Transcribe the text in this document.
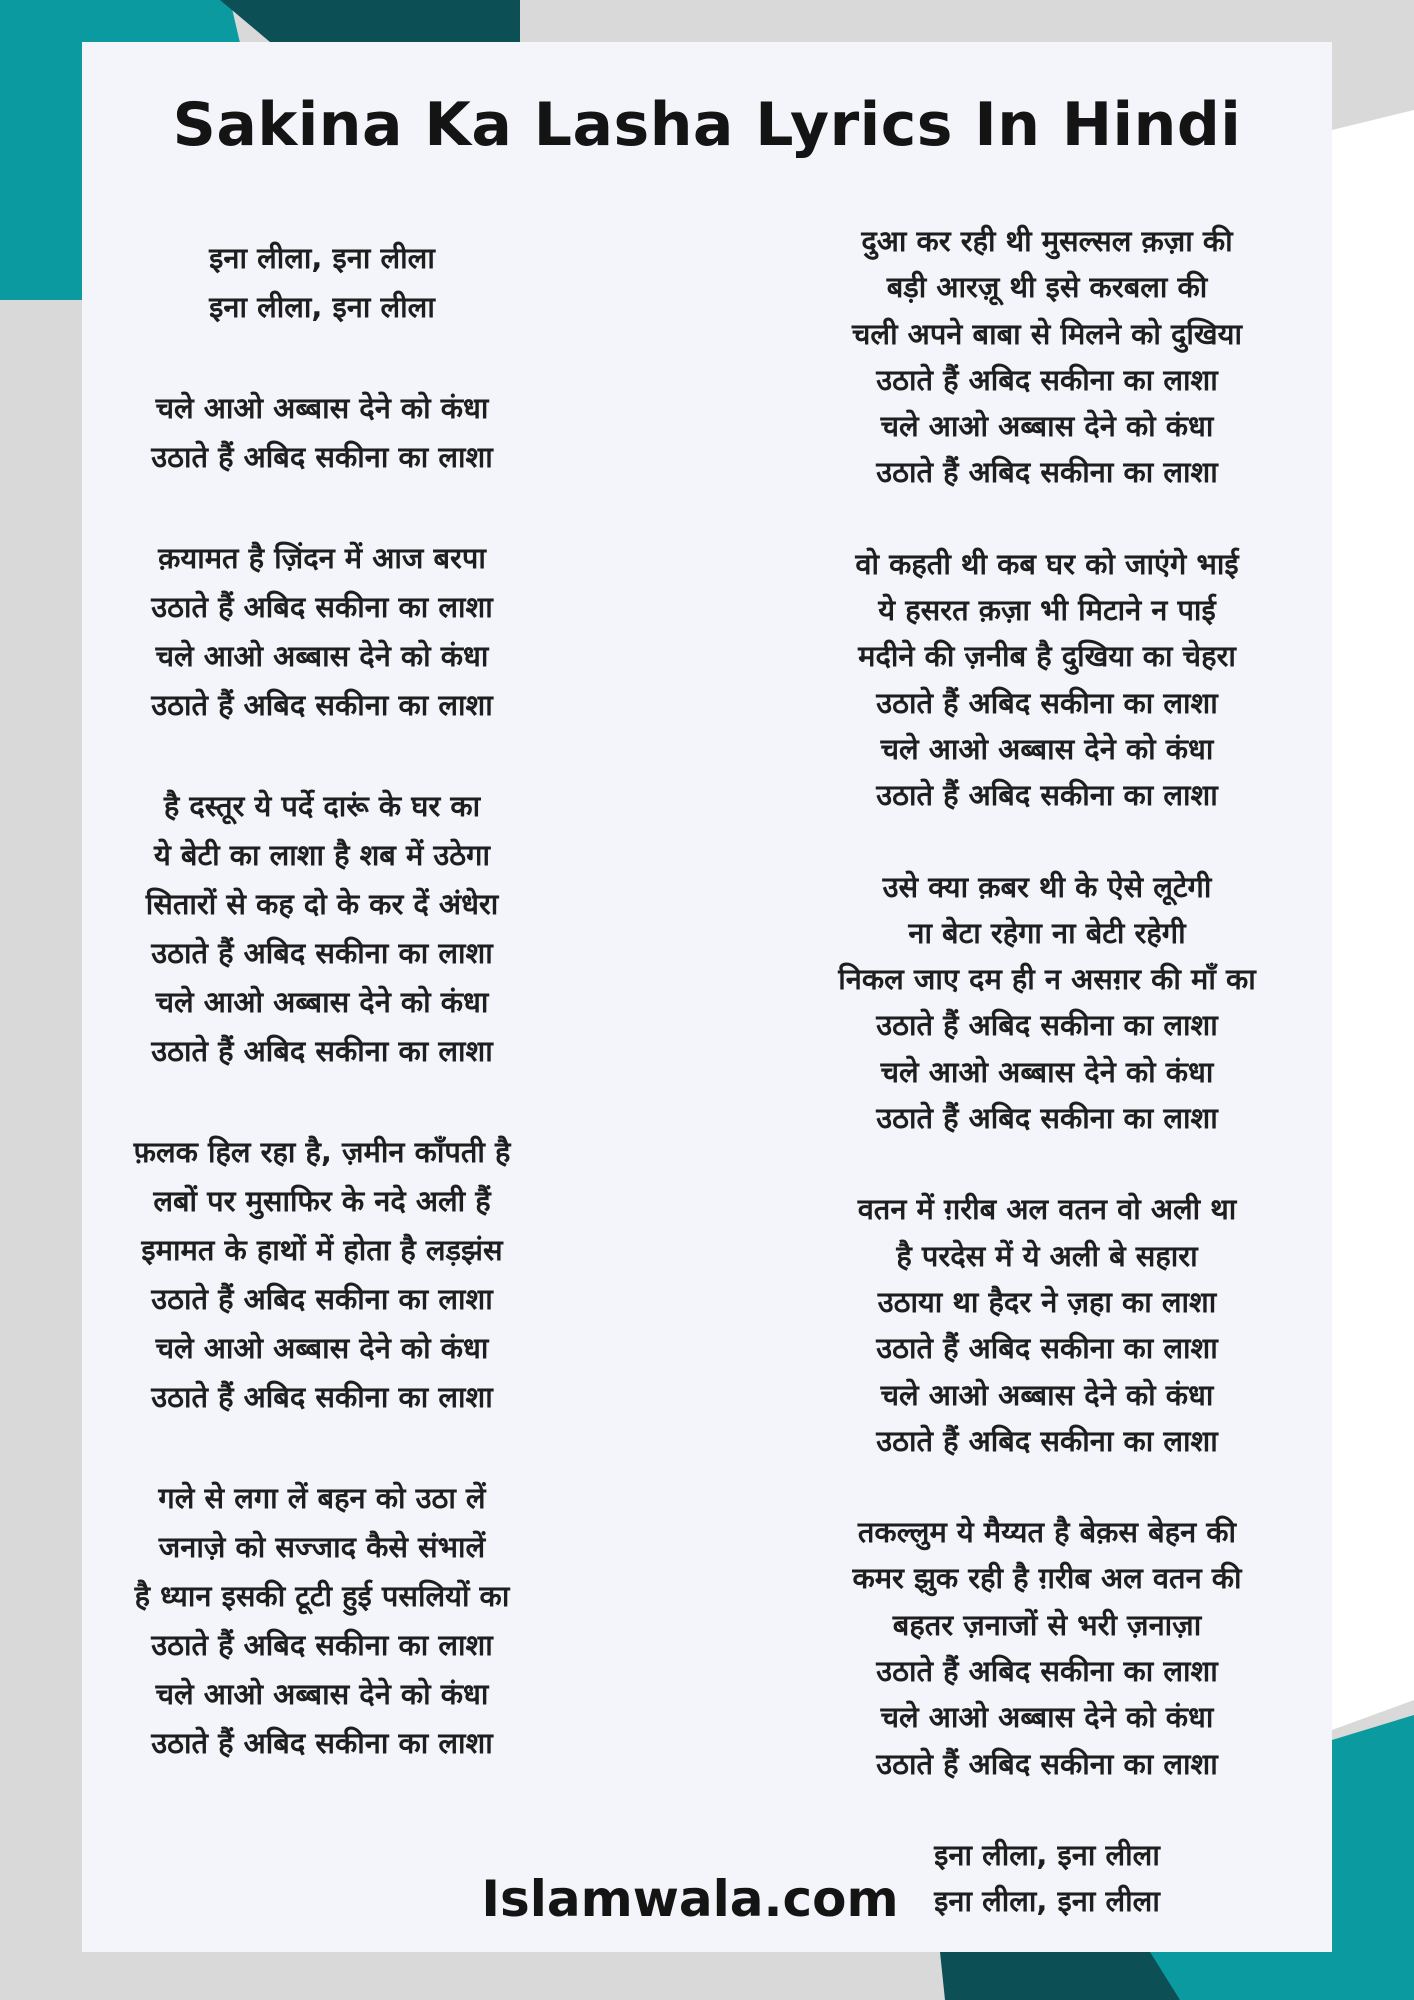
Sakina Ka Lasha Lyrics In Hindi

इना लीला, इना लीला
इना लीला, इना लीला

चले आओ अब्बास देने को कंधा
उठाते हैं अबिद सकीना का लाशा

क़यामत है ज़िंदन में आज बरपा
उठाते हैं अबिद सकीना का लाशा
चले आओ अब्बास देने को कंधा
उठाते हैं अबिद सकीना का लाशा

है दस्तूर ये पर्दे दारूं के घर का
ये बेटी का लाशा है शब में उठेगा
सितारों से कह दो के कर दें अंधेरा
उठाते हैं अबिद सकीना का लाशा
चले आओ अब्बास देने को कंधा
उठाते हैं अबिद सकीना का लाशा

फ़लक हिल रहा है, ज़मीन काँपती है
लबों पर मुसाफिर के नदे अली हैं
इमामत के हाथों में होता है लड़झंस
उठाते हैं अबिद सकीना का लाशा
चले आओ अब्बास देने को कंधा
उठाते हैं अबिद सकीना का लाशा

गले से लगा लें बहन को उठा लें
जनाज़े को सज्जाद कैसे संभालें
है ध्यान इसकी टूटी हुई पसलियों का
उठाते हैं अबिद सकीना का लाशा
चले आओ अब्बास देने को कंधा
उठाते हैं अबिद सकीना का लाशा

दुआ कर रही थी मुसल्सल क़ज़ा की
बड़ी आरज़ू थी इसे करबला की
चली अपने बाबा से मिलने को दुखिया
उठाते हैं अबिद सकीना का लाशा
चले आओ अब्बास देने को कंधा
उठाते हैं अबिद सकीना का लाशा

वो कहती थी कब घर को जाएंगे भाई
ये हसरत क़ज़ा भी मिटाने न पाई
मदीने की ज़नीब है दुखिया का चेहरा
उठाते हैं अबिद सकीना का लाशा
चले आओ अब्बास देने को कंधा
उठाते हैं अबिद सकीना का लाशा

उसे क्या क़बर थी के ऐसे लूटेगी
ना बेटा रहेगा ना बेटी रहेगी
निकल जाए दम ही न असग़र की माँ का
उठाते हैं अबिद सकीना का लाशा
चले आओ अब्बास देने को कंधा
उठाते हैं अबिद सकीना का लाशा

वतन में ग़रीब अल वतन वो अली था
है परदेस में ये अली बे सहारा
उठाया था हैदर ने ज़हा का लाशा
उठाते हैं अबिद सकीना का लाशा
चले आओ अब्बास देने को कंधा
उठाते हैं अबिद सकीना का लाशा

तकल्लुम ये मैय्यत है बेक़स बेहन की
कमर झुक रही है ग़रीब अल वतन की
बहतर ज़नाजों से भरी ज़नाज़ा
उठाते हैं अबिद सकीना का लाशा
चले आओ अब्बास देने को कंधा
उठाते हैं अबिद सकीना का लाशा

इना लीला, इना लीला
इना लीला, इना लीला

Islamwala.com
